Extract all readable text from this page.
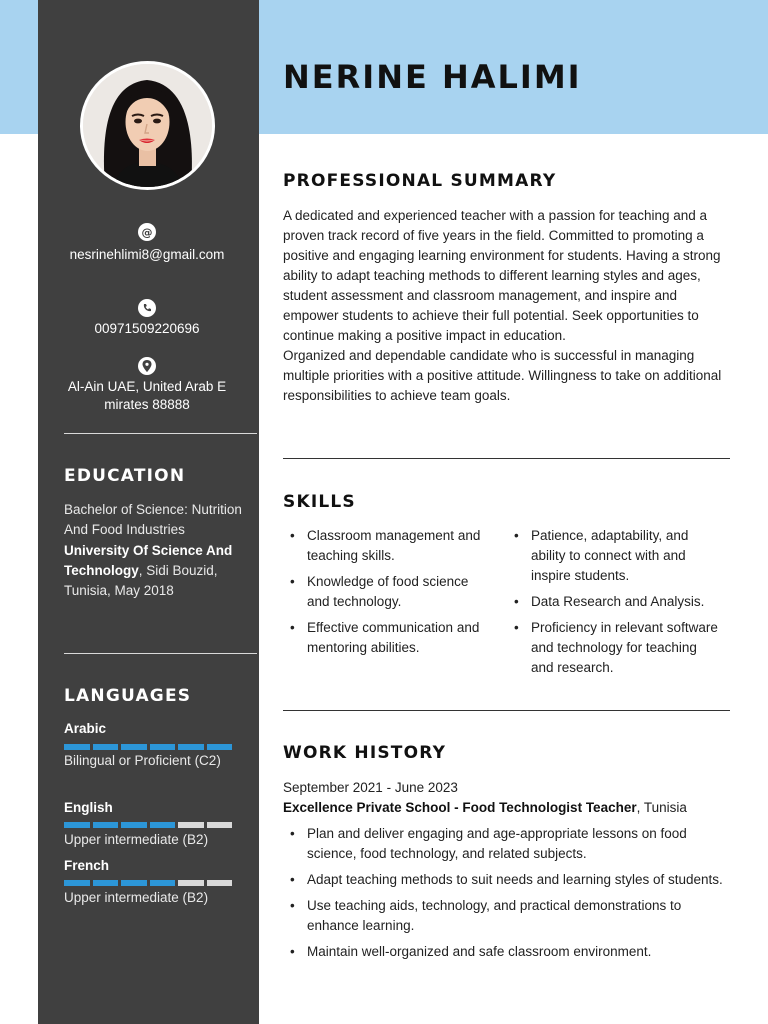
@
nesrinehlimi8@gmail.com
00971509220696
Al-Ain UAE, United Arab Emirates 88888
EDUCATION
Bachelor of Science: Nutrition And Food Industries
University Of Science And Technology, Sidi Bouzid, Tunisia, May 2018
LANGUAGES
Arabic
Bilingual or Proficient (C2)
English
Upper intermediate (B2)
French
Upper intermediate (B2)
NERINE HALIMI
PROFESSIONAL SUMMARY

A dedicated and experienced teacher with a passion for teaching and a proven track record of five years in the field. Committed to promoting a positive and engaging learning environment for students. Having a strong ability to adapt teaching methods to different learning styles and ages, student assessment and classroom management, and inspire and empower students to achieve their full potential. Seek opportunities to continue making a positive impact in education.

Organized and dependable candidate who is successful in managing multiple priorities with a positive attitude. Willingness to take on additional responsibilities to achieve team goals.

SKILLS
• Classroom management and teaching skills.
• Knowledge of food science and technology.
• Effective communication and mentoring abilities.
• Patience, adaptability, and ability to connect with and inspire students.
• Data Research and Analysis.
• Proficiency in relevant software and technology for teaching and research.
WORK HISTORY
September 2021 - June 2023
Excellence Private School - Food Technologist Teacher, Tunisia
• Plan and deliver engaging and age-appropriate lessons on food science, food technology, and related subjects.
• Adapt teaching methods to suit needs and learning styles of students.
• Use teaching aids, technology, and practical demonstrations to enhance learning.
• Maintain well-organized and safe classroom environment.
